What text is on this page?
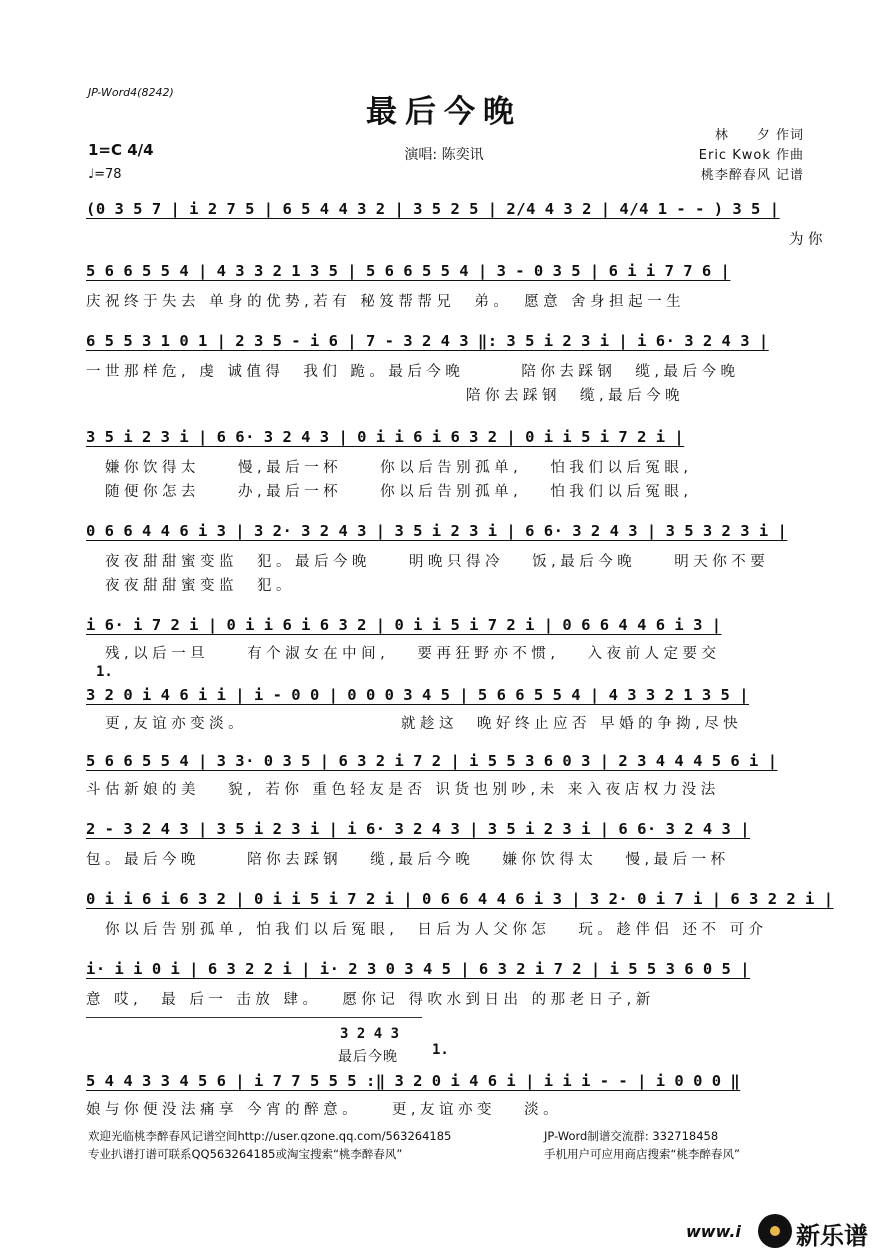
JP-Word4(8242)
最后今晚
1=C 4/4
♩=78
演唱: 陈奕讯
林　　夕 作词
Eric Kwok 作曲
桃李醉春风 记谱
(0 3 5 7 | i 2 7 5 | 6 5 4 4 3 2 | 3 5 2 5 | 2/4 4 3 2 | 4/4 1 - - ) 3 5 |
　　　　　　　　　　　　　　　　　　　　　　　　　　　　　　　　　　　　　为你
5 6 6 5 5 4 | 4 3 3 2 1 3 5 | 5 6 6 5 5 4 | 3 - 0 3 5 | 6 i i 7 7 6 |
庆祝终于失去 单身的优势,若有 秘笈帮帮兄　弟。　愿意 舍身担起一生
6 5 5 3 1 0 1 | 2 3 5 - i 6 | 7 - 3 2 4 3 ‖: 3 5 i 2 3 i | i 6· 3 2 4 3 |
一世那样危, 虔 诚值得　我们 跪。最后今晚　　　陪你去踩钢　缆,最后今晚
　　　　　　　　　　　　　　　　　　　　陪你去踩钢　缆,最后今晚
3 5 i 2 3 i | 6 6· 3 2 4 3 | 0 i i 6 i 6 3 2 | 0 i i 5 i 7 2 i |
　嫌你饮得太　　慢,最后一杯　　你以后告别孤单,　 怕我们以后冤眼,
　随便你怎去　　办,最后一杯　　你以后告别孤单,　 怕我们以后冤眼,
0 6 6 4 4 6 i 3 | 3 2· 3 2 4 3 | 3 5 i 2 3 i | 6 6· 3 2 4 3 | 3 5 3 2 3 i |
　夜夜甜甜蜜变监　犯。最后今晚　　明晚只得冷　 饭,最后今晚　　明天你不要
　夜夜甜甜蜜变监　犯。
i 6· i 7 2 i | 0 i i 6 i 6 3 2 | 0 i i 5 i 7 2 i | 0 6 6 4 4 6 i 3 |
　残,以后一旦　　有个淑女在中间,　 要再狂野亦不惯,　 入夜前人定要交
1.
3 2 0 i 4 6 i i | i - 0 0 | 0 0 0 3 4 5 | 5 6 6 5 5 4 | 4 3 3 2 1 3 5 |
　更,友谊亦变淡。　　　　　　　　 就趁这　晚好终止应否 早婚的争拗,尽快
5 6 6 5 5 4 | 3 3· 0 3 5 | 6 3 2 i 7 2 | i 5 5 3 6 0 3 | 2 3 4 4 4 5 6 i |
斗估新娘的美　 貌, 若你 重色轻友是否 识货也别吵,未 来入夜店权力没法
2 - 3 2 4 3 | 3 5 i 2 3 i | i 6· 3 2 4 3 | 3 5 i 2 3 i | 6 6· 3 2 4 3 |
包。最后今晚　　 陪你去踩钢　 缆,最后今晚　 嫌你饮得太　 慢,最后一杯
0 i i 6 i 6 3 2 | 0 i i 5 i 7 2 i | 0 6 6 4 4 6 i 3 | 3 2· 0 i 7 i | 6 3 2 2 i |
　你以后告别孤单, 怕我们以后冤眼,　日后为人父你怎　 玩。趁伴侣 还不 可介
i· i i 0 i | 6 3 2 2 i | i· 2 3 0 3 4 5 | 6 3 2 i 7 2 | i 5 5 3 6 0 5 |
意 哎,　最 后一 击放 肆。　 愿你记 得吹水到日出 的那老日子,新
3 2 4 3
最后今晚 1.
5 4 4 3 3 4 5 6 | i 7 7 5 5 5 :‖ 3 2 0 i 4 6 i | i i i - - | i 0 0 0 ‖
娘与你便没法痛享 今宵的醉意。　　更,友谊亦变　 淡。
欢迎光临桃李醉春风记谱空间http://user.qzone.qq.com/563264185	JP-Word制谱交流群: 332718458
专业扒谱打谱可联系QQ563264185或淘宝搜索“桃李醉春风”	手机用户可应用商店搜索“桃李醉春风”
www.i 新乐谱
